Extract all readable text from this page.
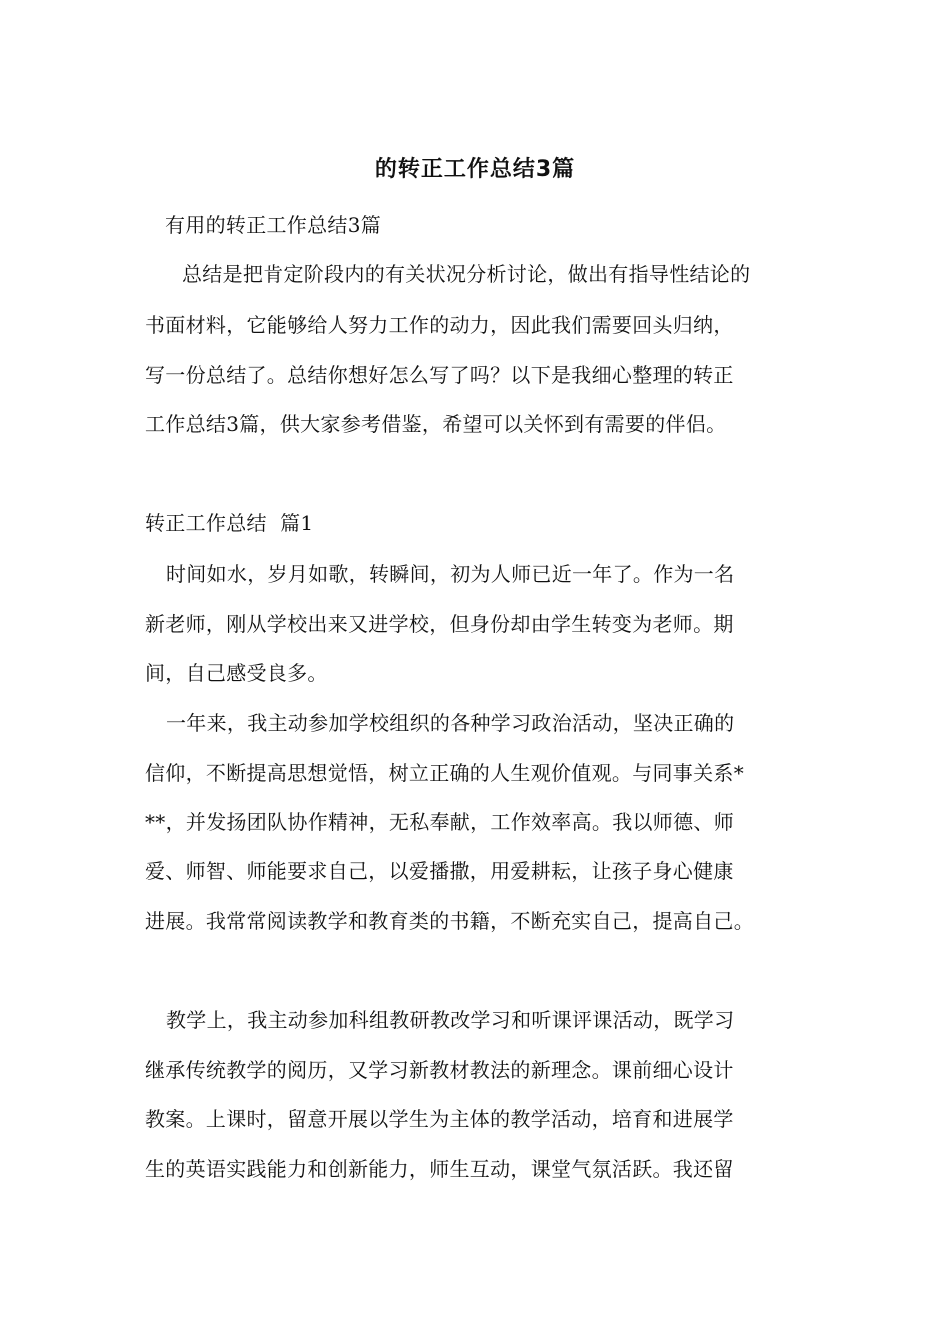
的转正工作总结3篇
有用的转正工作总结3篇
总结是把肯定阶段内的有关状况分析讨论，做出有指导性结论的
书面材料，它能够给人努力工作的动力，因此我们需要回头归纳，
写一份总结了。总结你想好怎么写了吗？以下是我细心整理的转正
工作总结3篇，供大家参考借鉴，希望可以关怀到有需要的伴侣。
转正工作总结  篇1
时间如水，岁月如歌，转瞬间，初为人师已近一年了。作为一名
新老师，刚从学校出来又进学校，但身份却由学生转变为老师。期
间，自己感受良多。
一年来，我主动参加学校组织的各种学习政治活动，坚决正确的
信仰，不断提高思想觉悟，树立正确的人生观价值观。与同事关系*
**，并发扬团队协作精神，无私奉献，工作效率高。我以师德、师
爱、师智、师能要求自己，以爱播撒，用爱耕耘，让孩子身心健康
进展。我常常阅读教学和教育类的书籍，不断充实自己，提高自己。
教学上，我主动参加科组教研教改学习和听课评课活动，既学习
继承传统教学的阅历，又学习新教材教法的新理念。课前细心设计
教案。上课时，留意开展以学生为主体的教学活动，培育和进展学
生的英语实践能力和创新能力，师生互动，课堂气氛活跃。我还留
